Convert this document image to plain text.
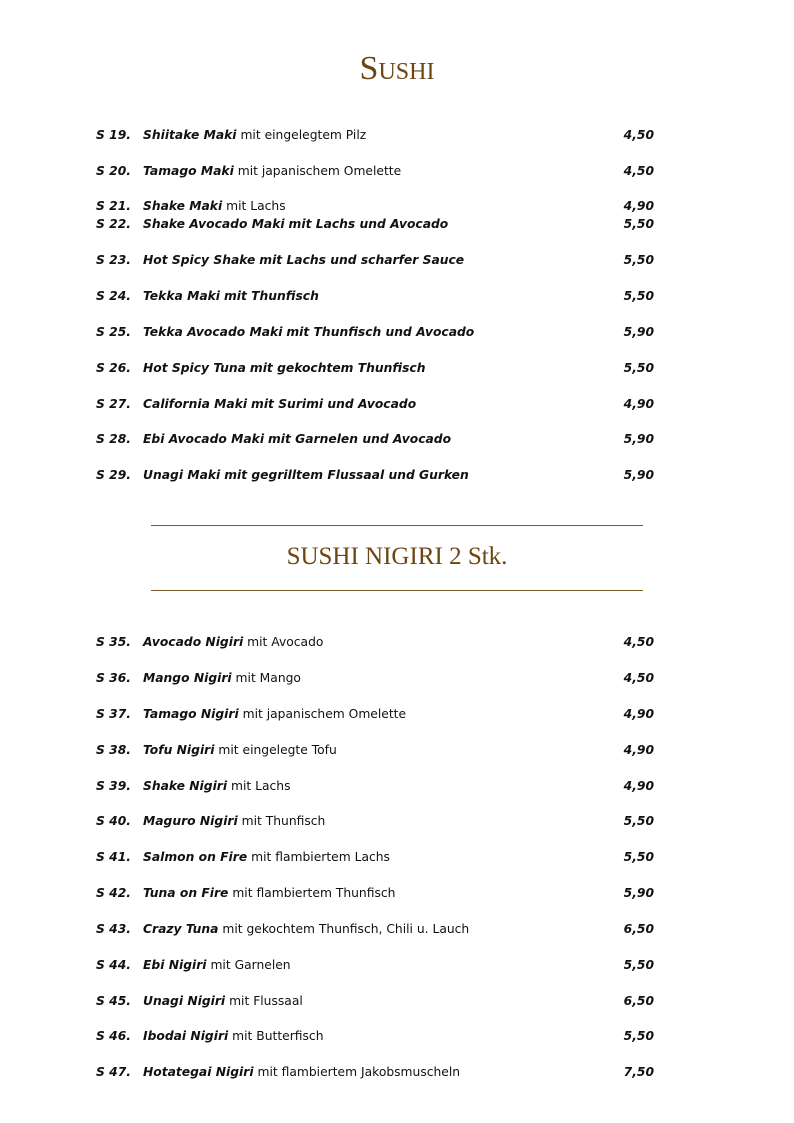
Sushi
S 19. Shiitake Maki mit eingelegtem Pilz	4,50
S 20. Tamago Maki mit japanischem Omelette	4,50
S 21. Shake Maki mit Lachs	4,90
S 22. Shake Avocado Maki mit Lachs und Avocado	5,50
S 23. Hot Spicy Shake mit Lachs und scharfer Sauce	5,50
S 24. Tekka Maki mit Thunfisch	5,50
S 25. Tekka Avocado Maki mit Thunfisch und Avocado	5,90
S 26. Hot Spicy Tuna mit gekochtem Thunfisch	5,50
S 27. California Maki mit Surimi und Avocado	4,90
S 28. Ebi Avocado Maki mit Garnelen und Avocado	5,90
S 29. Unagi Maki mit gegrilltem Flussaal und Gurken	5,90
SUSHI NIGIRI 2 Stk.
S 35. Avocado Nigiri mit Avocado	4,50
S 36. Mango Nigiri mit Mango	4,50
S 37. Tamago Nigiri mit japanischem Omelette	4,90
S 38. Tofu Nigiri mit eingelegte Tofu	4,90
S 39. Shake Nigiri mit Lachs	4,90
S 40. Maguro Nigiri mit Thunfisch	5,50
S 41. Salmon on Fire mit flambiertem Lachs	5,50
S 42. Tuna on Fire mit flambiertem Thunfisch	5,90
S 43. Crazy Tuna mit gekochtem Thunfisch, Chili u. Lauch	6,50
S 44. Ebi Nigiri mit Garnelen	5,50
S 45. Unagi Nigiri mit Flussaal	6,50
S 46. Ibodai Nigiri mit Butterfisch	5,50
S 47. Hotategai Nigiri mit flambiertem Jakobsmuscheln	7,50
